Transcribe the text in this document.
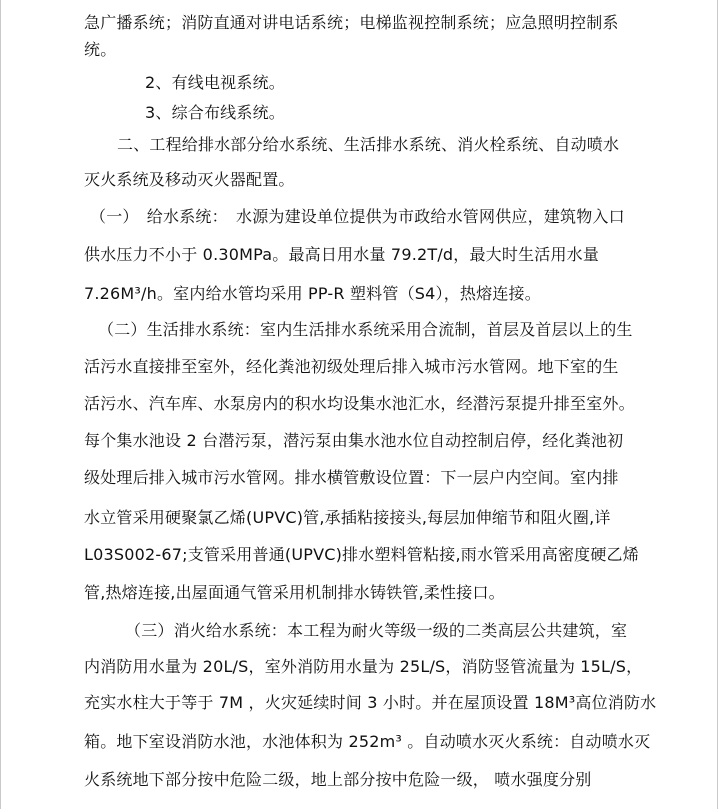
急广播系统；消防直通对讲电话系统；电梯监视控制系统；应急照明控制系
统。
2、有线电视系统。
3、综合布线系统。
二、工程给排水部分给水系统、生活排水系统、消火栓系统、自动喷水
灭火系统及移动灭火器配置。
（一）　给水系统：　水源为建设单位提供为市政给水管网供应，建筑物入口
供水压力不小于 0.30MPa。最高日用水量 79.2T/d，最大时生活用水量
7.26M³/h。室内给水管均采用 PP-R 塑料管（S4），热熔连接。
（二）生活排水系统：室内生活排水系统采用合流制，首层及首层以上的生
活污水直接排至室外，经化粪池初级处理后排入城市污水管网。地下室的生
活污水、汽车库、水泵房内的积水均设集水池汇水，经潜污泵提升排至室外。
每个集水池设 2 台潜污泵，潜污泵由集水池水位自动控制启停，经化粪池初
级处理后排入城市污水管网。排水横管敷设位置：下一层户内空间。室内排
水立管采用硬聚氯乙烯(UPVC)管,承插粘接接头,每层加伸缩节和阻火圈,详
L03S002-67;支管采用普通(UPVC)排水塑料管粘接,雨水管采用高密度硬乙烯
管,热熔连接,出屋面通气管采用机制排水铸铁管,柔性接口。
（三）消火给水系统：本工程为耐火等级一级的二类高层公共建筑，室
内消防用水量为 20L/S，室外消防用水量为 25L/S，消防竖管流量为 15L/S，
充实水柱大于等于 7M ，火灾延续时间 3 小时。并在屋顶设置 18M³高位消防水
箱。地下室设消防水池，水池体积为 252m³ 。自动喷水灭火系统：自动喷水灭
火系统地下部分按中危险二级，地上部分按中危险一级， 喷水强度分别
